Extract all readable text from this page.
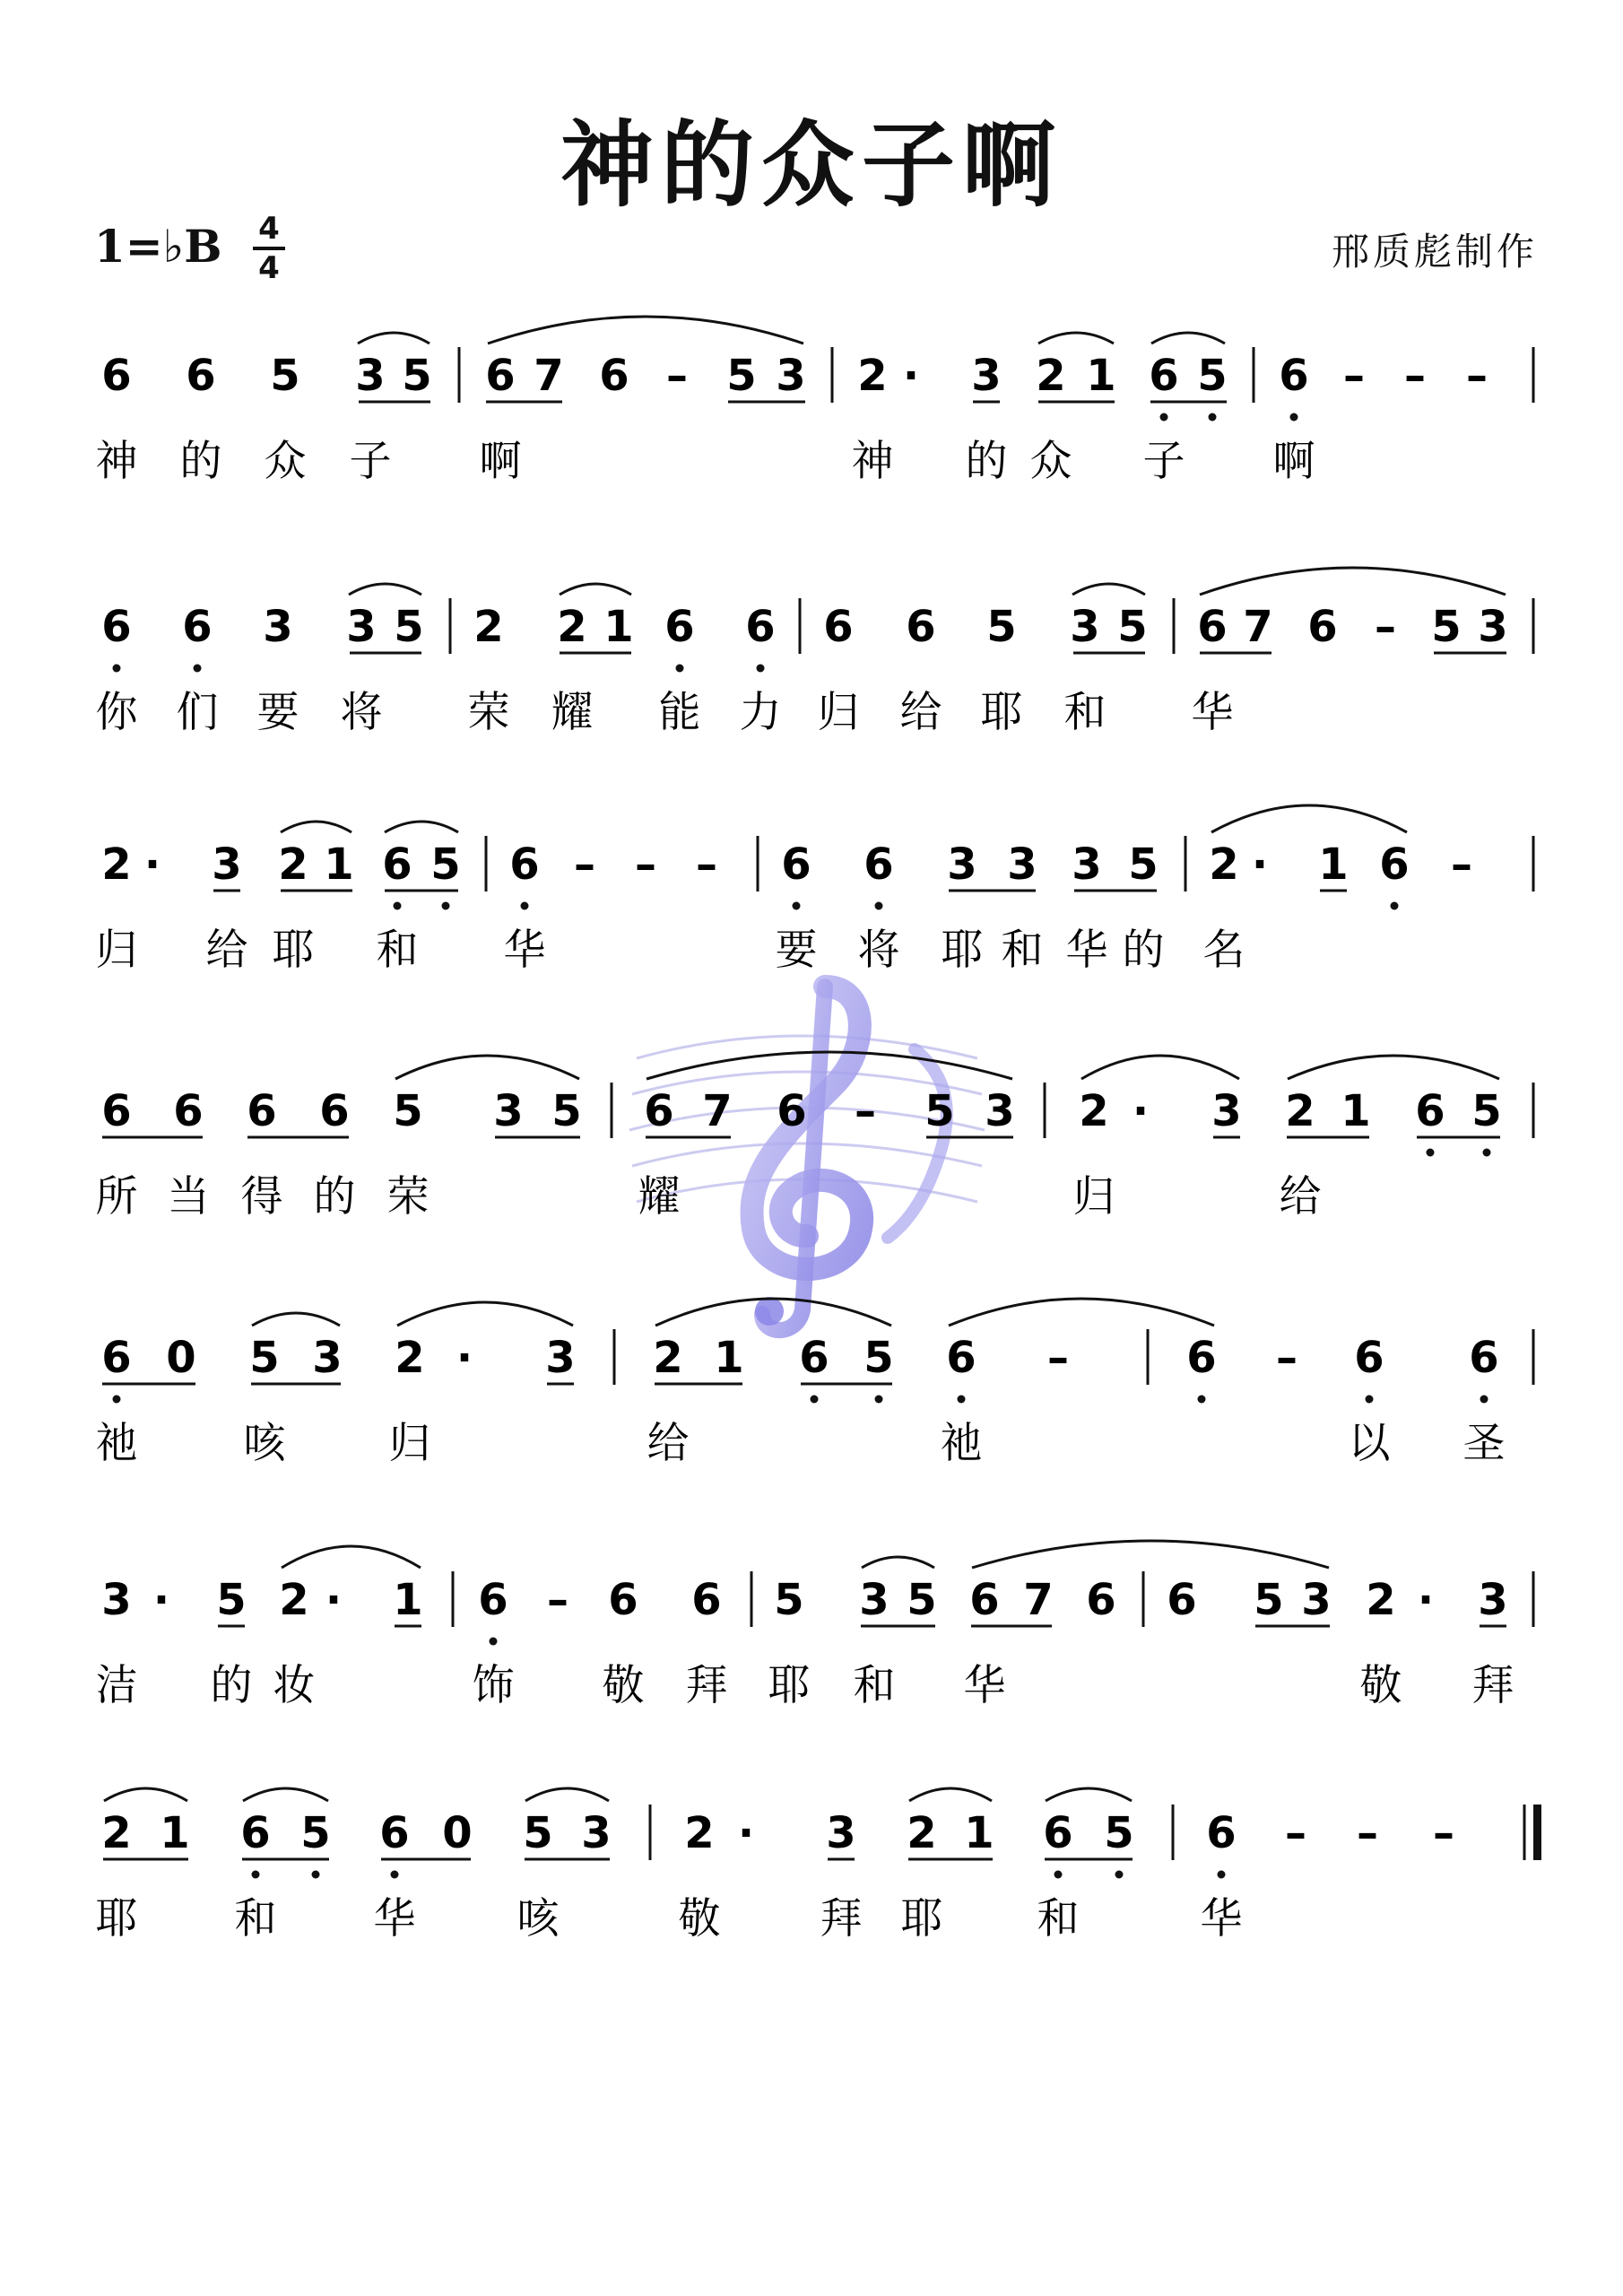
神的众子啊
1=♭B 4
4	邢质彪制作
6 6 5 3 5 6 7 6 – 5 3 2 · 3 2 1 6 5 6 – – –
神 的 众 子 啊	神 的 众 子 啊
6 6 3 3 5 2 2 1 6 6 6 6 5 3 5 6 7 6 – 5 3
你 们 要 将 荣 耀 能 力 归 给 耶 和 华
2 · 3 2 1 6 5 6 – – – 6 6 3 3 3 5 2 · 1 6 –
归 给 耶 和 华	要 将 耶 和 华 的 名
6 6 6 6 5 3 5 6 7 6 – 5 3 2 · 3 2 1 6 5
所 当 得 的 荣	耀	归	给
6 0 5 3 2 · 3 2 1 6 5 6 –	6 – 6 6
祂	咳 归	给	祂	以 圣
3 · 5 2 · 1 6 – 6 6 5 3 5 6 7 6 6 5 3 2 · 3
洁 的 妆	饰 敬 拜 耶 和 华	敬 拜
2 1 6 5 6 0 5 3 2 · 3 2 1 6 5 6 – – –
耶 和 华 咳	敬 拜 耶 和	华
